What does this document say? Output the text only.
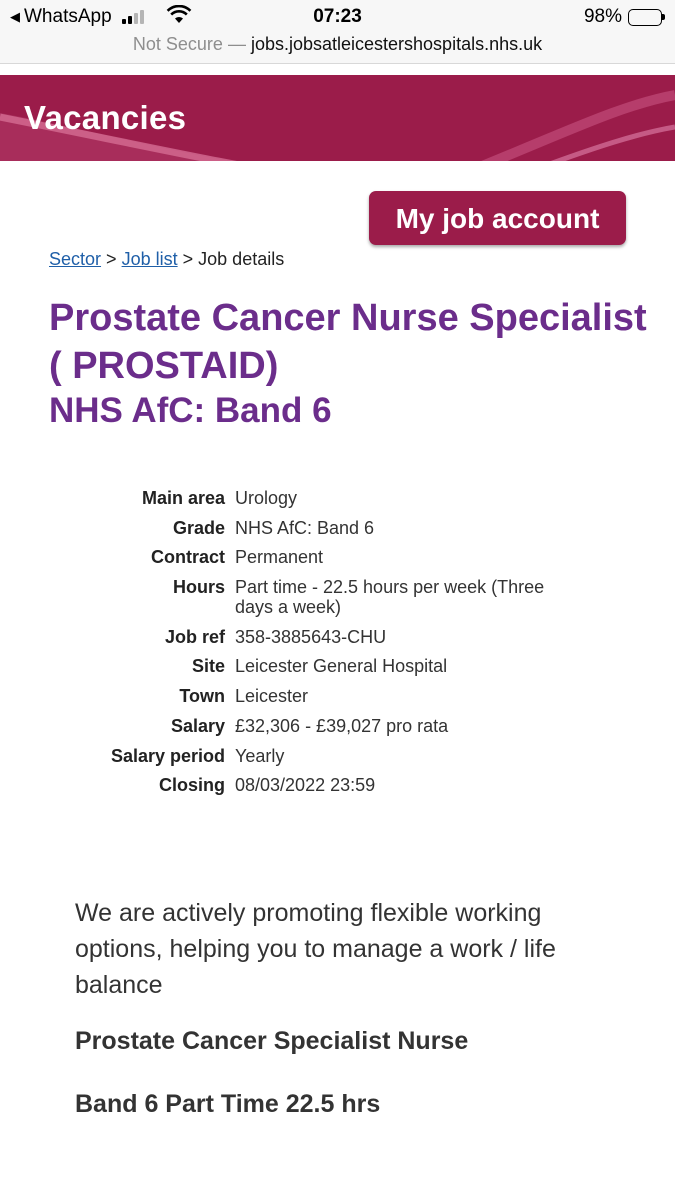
◀ WhatsApp	07:23	98%
Not Secure — jobs.jobsatleicestershospitals.nhs.uk
Vacancies
My job account
Sector > Job list > Job details
Prostate Cancer Nurse Specialist ( PROSTAID)
NHS AfC: Band 6
Main area Urology
Grade NHS AfC: Band 6
Contract Permanent
Hours Part time - 22.5 hours per week (Three days a week)
Job ref 358-3885643-CHU
Site Leicester General Hospital
Town Leicester
Salary £32,306 - £39,027 pro rata
Salary period Yearly
Closing 08/03/2022 23:59

We are actively promoting flexible working options, helping you to manage a work / life balance

Prostate Cancer Specialist Nurse
Band 6 Part Time 22.5 hrs
